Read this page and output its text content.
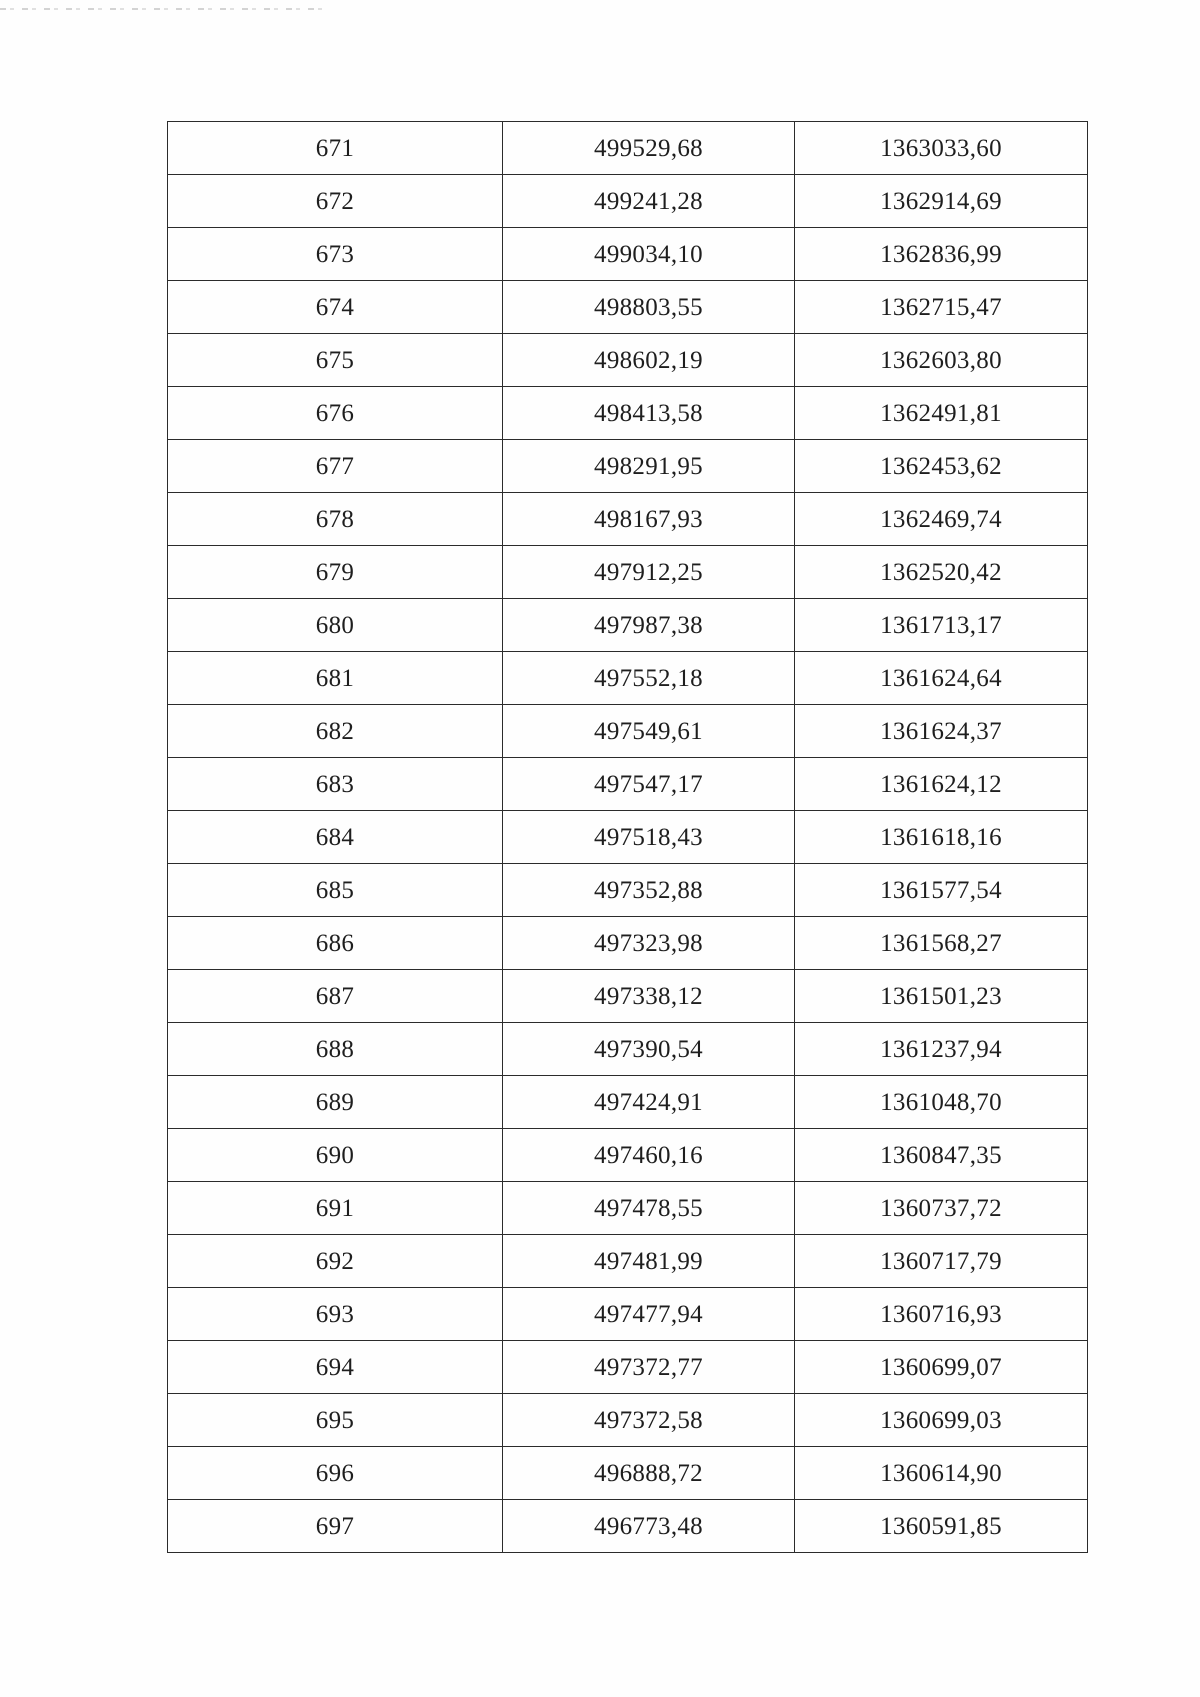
671	499529,68	1363033,60
672	499241,28	1362914,69
673	499034,10	1362836,99
674	498803,55	1362715,47
675	498602,19	1362603,80
676	498413,58	1362491,81
677	498291,95	1362453,62
678	498167,93	1362469,74
679	497912,25	1362520,42
680	497987,38	1361713,17
681	497552,18	1361624,64
682	497549,61	1361624,37
683	497547,17	1361624,12
684	497518,43	1361618,16
685	497352,88	1361577,54
686	497323,98	1361568,27
687	497338,12	1361501,23
688	497390,54	1361237,94
689	497424,91	1361048,70
690	497460,16	1360847,35
691	497478,55	1360737,72
692	497481,99	1360717,79
693	497477,94	1360716,93
694	497372,77	1360699,07
695	497372,58	1360699,03
696	496888,72	1360614,90
697	496773,48	1360591,85
